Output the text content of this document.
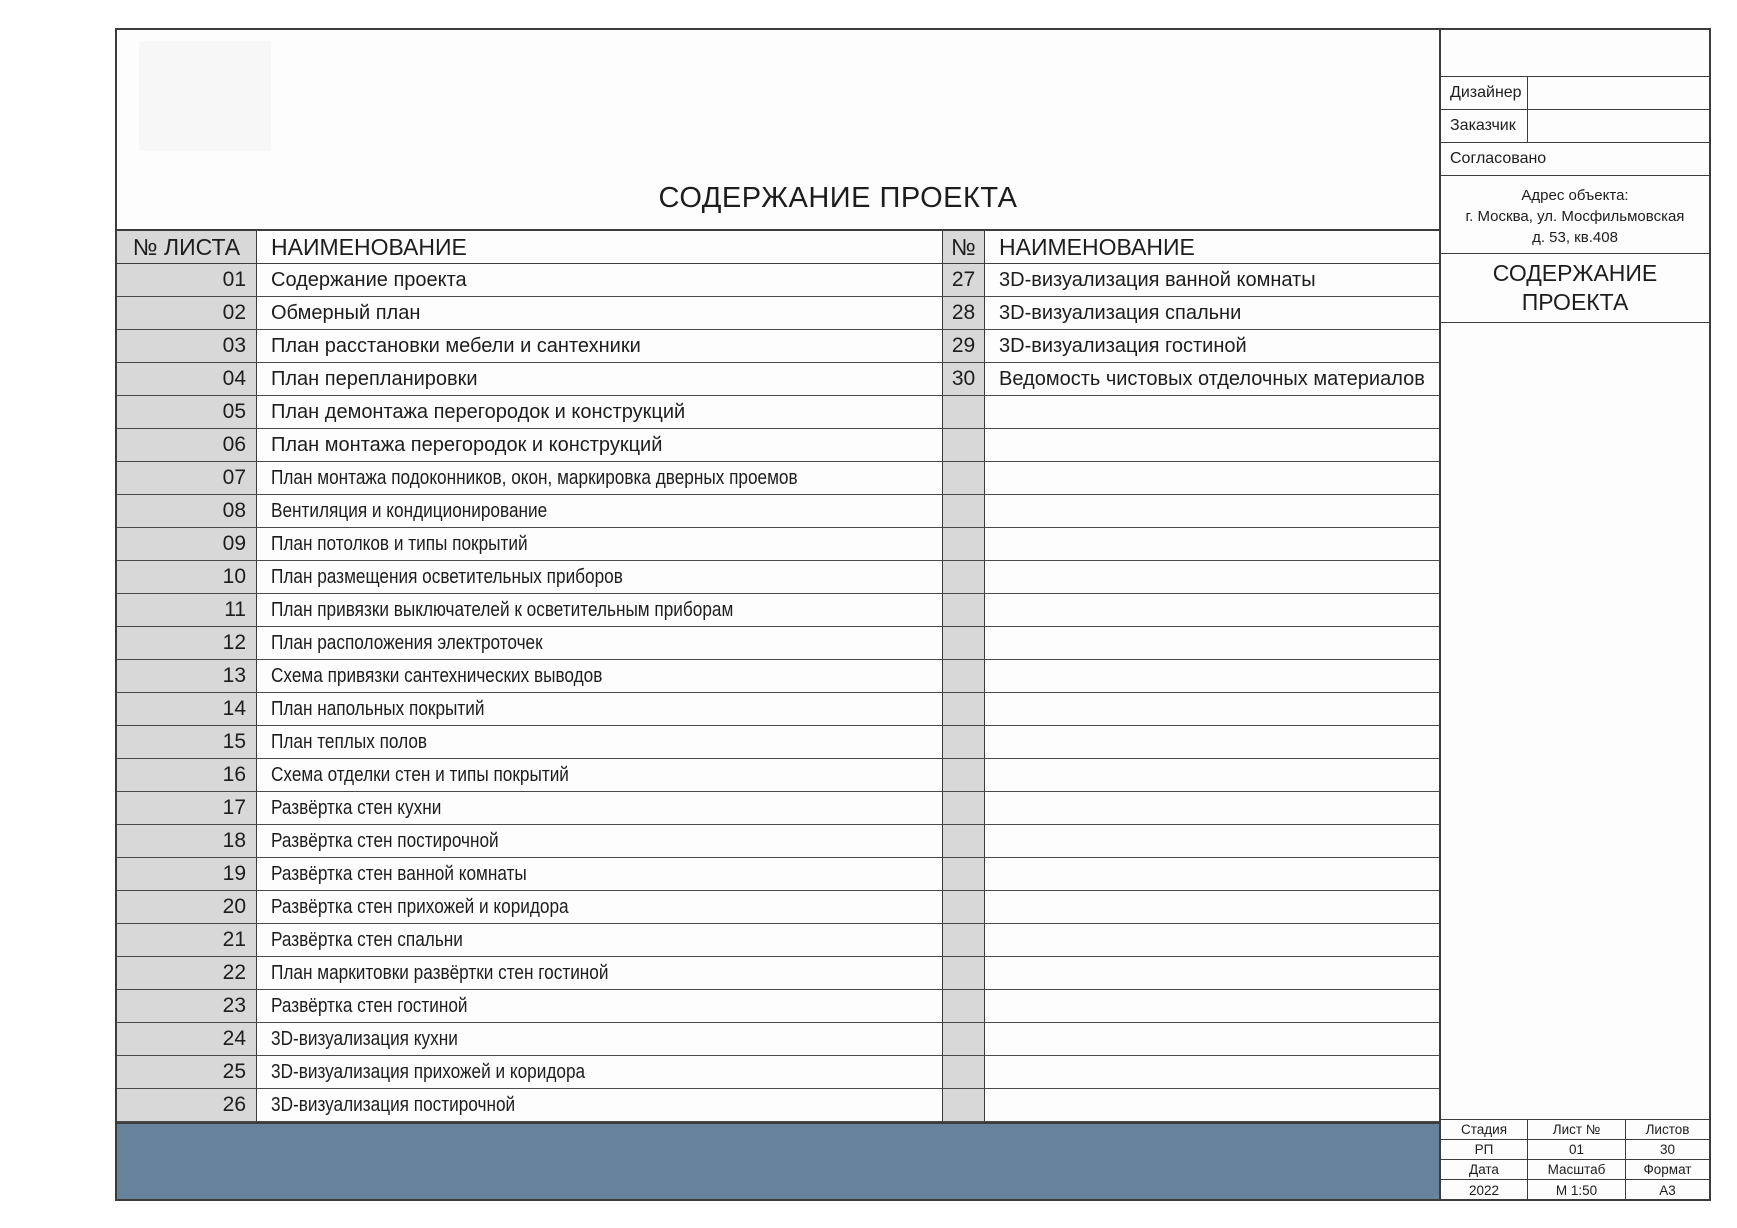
СОДЕРЖАНИЕ ПРОЕКТА
№ ЛИСТА	НАИМЕНОВАНИЕ
01	Содержание проекта
02	Обмерный план
03	План расстановки мебели и сантехники
04	План перепланировки
05	План демонтажа перегородок и конструкций
06	План монтажа перегородок и конструкций
07	План монтажа подоконников, окон, маркировка дверных проемов
08	Вентиляция и кондиционирование
09	План потолков и типы покрытий
10	План размещения осветительных приборов
11	План привязки выключателей к осветительным приборам
12	План расположения электроточек
13	Схема привязки сантехнических выводов
14	План напольных покрытий
15	План теплых полов
16	Схема отделки стен и типы покрытий
17	Развёртка стен кухни
18	Развёртка стен постирочной
19	Развёртка стен ванной комнаты
20	Развёртка стен прихожей и коридора
21	Развёртка стен спальни
22	План маркитовки развёртки стен гостиной
23	Развёртка стен гостиной
24	3D-визуализация кухни
25	3D-визуализация прихожей и коридора
26	3D-визуализация постирочной
№	НАИМЕНОВАНИЕ
27	3D-визуализация ванной комнаты
28	3D-визуализация спальни
29	3D-визуализация гостиной
30	Ведомость чистовых отделочных материалов
Дизайнер
Заказчик
Согласовано
Адрес объекта:
г. Москва, ул. Мосфильмовская
д. 53, кв.408
СОДЕРЖАНИЕ ПРОЕКТА
Стадия	Лист №	Листов
РП	01	30
Дата	Масштаб	Формат
2022	М 1:50	А3
